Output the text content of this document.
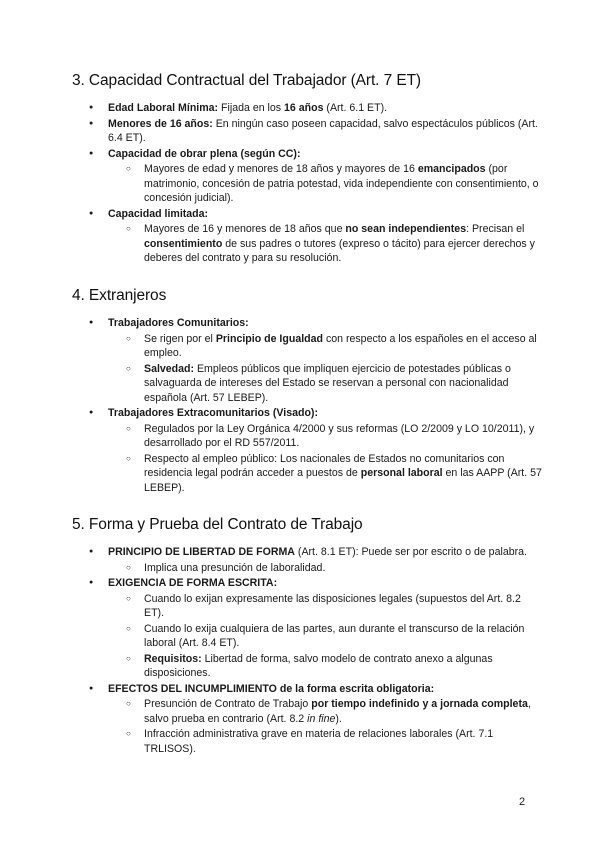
3. Capacidad Contractual del Trabajador (Art. 7 ET)
● Edad Laboral Mínima: Fijada en los 16 años (Art. 6.1 ET).
● Menores de 16 años: En ningún caso poseen capacidad, salvo espectáculos públicos (Art. 6.4 ET).
● Capacidad de obrar plena (según CC):
○ Mayores de edad y menores de 18 años y mayores de 16 emancipados (por matrimonio, concesión de patria potestad, vida independiente con consentimiento, o concesión judicial).
● Capacidad limitada:
○ Mayores de 16 y menores de 18 años que no sean independientes: Precisan el consentimiento de sus padres o tutores (expreso o tácito) para ejercer derechos y deberes del contrato y para su resolución.
4. Extranjeros
● Trabajadores Comunitarios:
○ Se rigen por el Principio de Igualdad con respecto a los españoles en el acceso al empleo.
○ Salvedad: Empleos públicos que impliquen ejercicio de potestades públicas o salvaguarda de intereses del Estado se reservan a personal con nacionalidad española (Art. 57 LEBEP).
● Trabajadores Extracomunitarios (Visado):
○ Regulados por la Ley Orgánica 4/2000 y sus reformas (LO 2/2009 y LO 10/2011), y desarrollado por el RD 557/2011.
○ Respecto al empleo público: Los nacionales de Estados no comunitarios con residencia legal podrán acceder a puestos de personal laboral en las AAPP (Art. 57 LEBEP).
5. Forma y Prueba del Contrato de Trabajo
● PRINCIPIO DE LIBERTAD DE FORMA (Art. 8.1 ET): Puede ser por escrito o de palabra.
○ Implica una presunción de laboralidad.
● EXIGENCIA DE FORMA ESCRITA:
○ Cuando lo exijan expresamente las disposiciones legales (supuestos del Art. 8.2 ET).
○ Cuando lo exija cualquiera de las partes, aun durante el transcurso de la relación laboral (Art. 8.4 ET).
○ Requisitos: Libertad de forma, salvo modelo de contrato anexo a algunas disposiciones.
● EFECTOS DEL INCUMPLIMIENTO de la forma escrita obligatoria:
○ Presunción de Contrato de Trabajo por tiempo indefinido y a jornada completa, salvo prueba en contrario (Art. 8.2 in fine).
○ Infracción administrativa grave en materia de relaciones laborales (Art. 7.1 TRLISOS).
2
